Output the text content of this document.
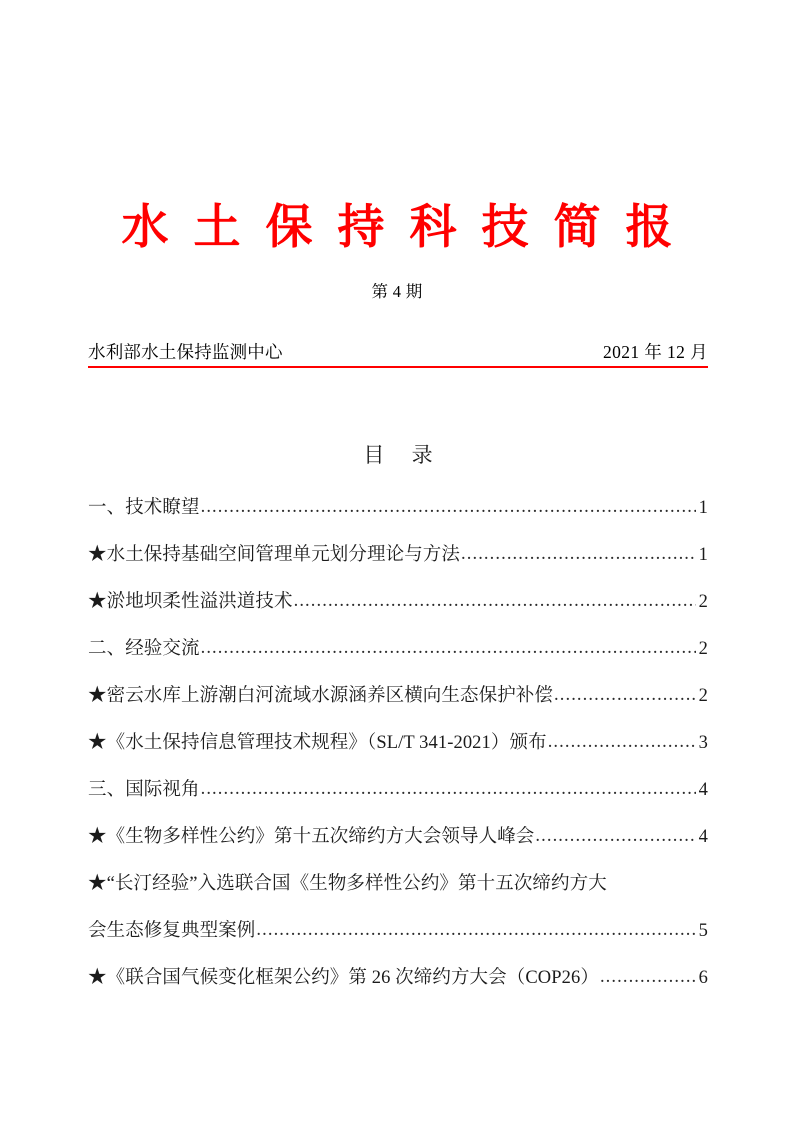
水土保持科技简报
第 4 期
水利部水土保持监测中心	2021 年 12 月
目 录
一、技术瞭望 .....	1
★水土保持基础空间管理单元划分理论与方法 .....	1
★淤地坝柔性溢洪道技术 .....	2
二、经验交流 .....	2
★密云水库上游潮白河流域水源涵养区横向生态保护补偿 .....	2
★《水土保持信息管理技术规程》（SL/T 341-2021）颁布 .....	3
三、国际视角 .....	4
★《生物多样性公约》第十五次缔约方大会领导人峰会 .....	4
★“长汀经验”入选联合国《生物多样性公约》第十五次缔约方大
会生态修复典型案例 .....	5
★《联合国气候变化框架公约》第 26 次缔约方大会（COP26） .....	6
